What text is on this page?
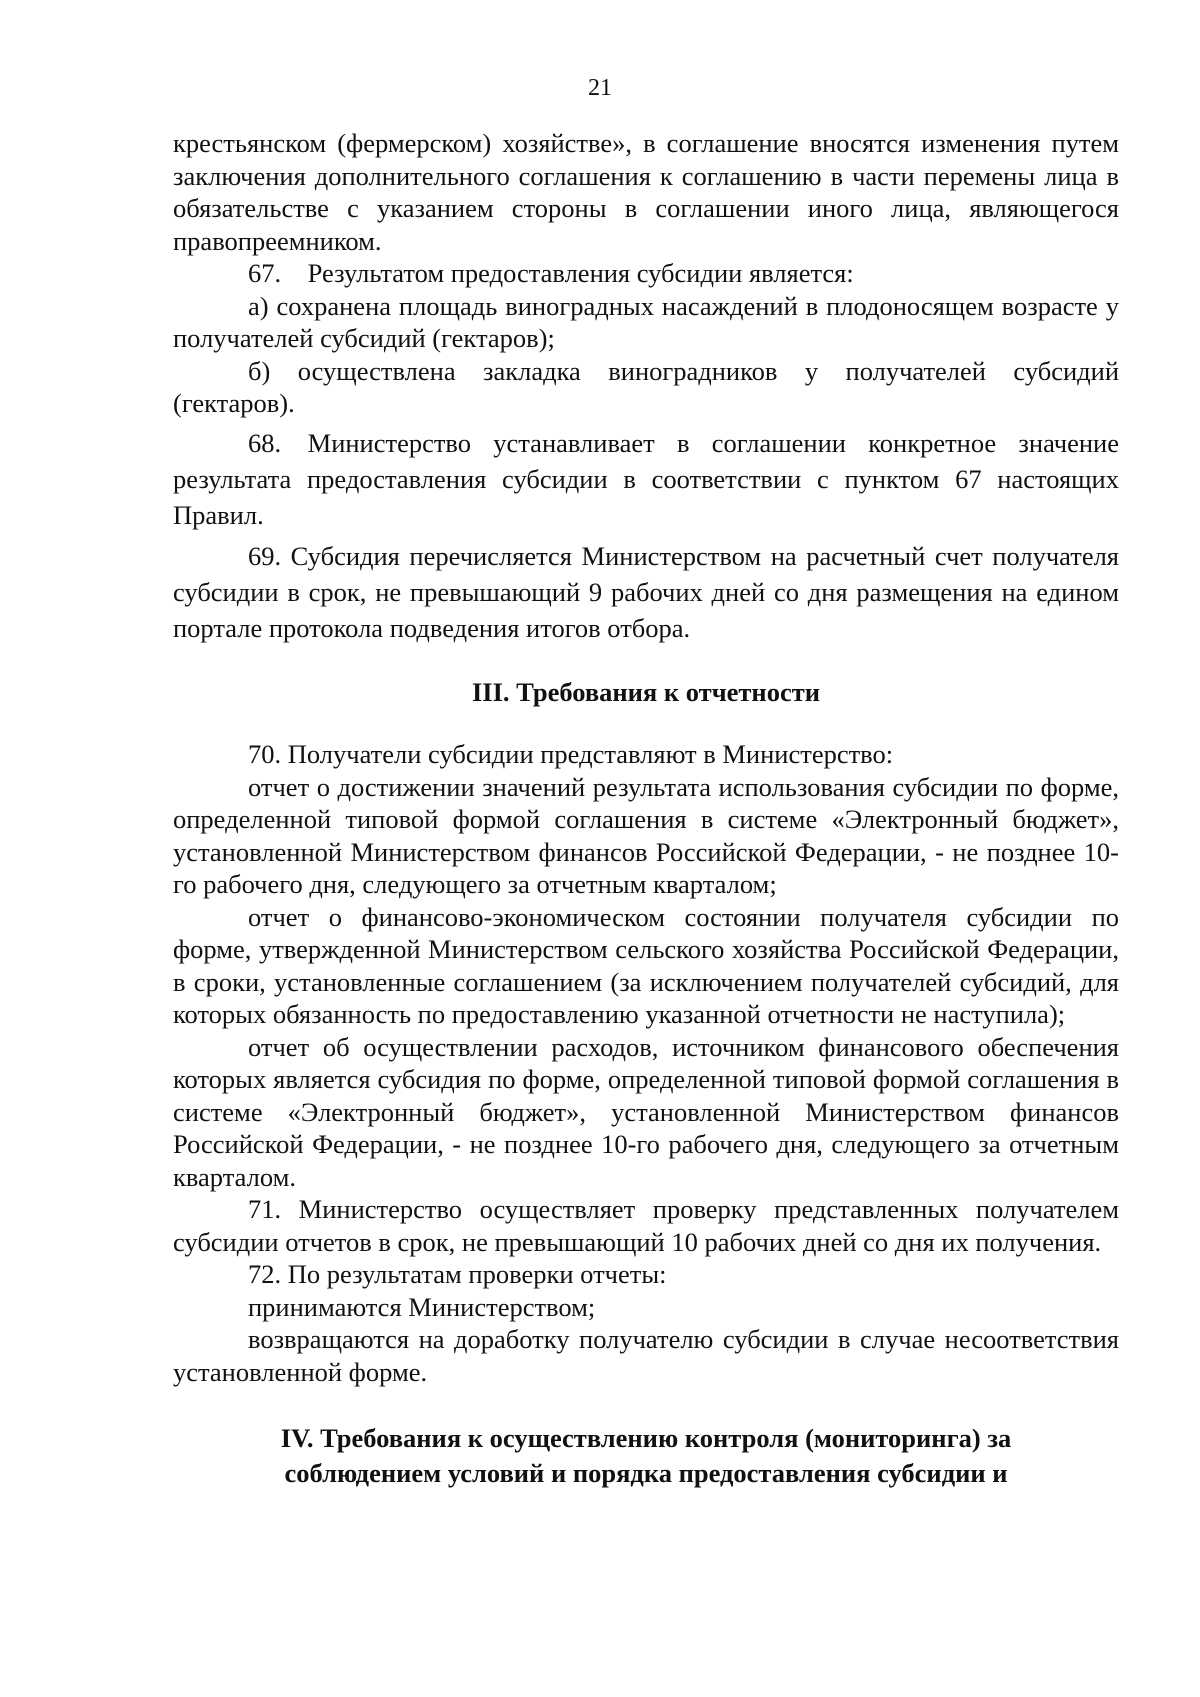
21

крестьянском (фермерском) хозяйстве», в соглашение вносятся изменения путем заключения дополнительного соглашения к соглашению в части перемены лица в обязательстве с указанием стороны в соглашении иного лица, являющегося правопреемником.

67. Результатом предоставления субсидии является:

а) сохранена площадь виноградных насаждений в плодоносящем возрасте у получателей субсидий (гектаров);

б) осуществлена закладка виноградников у получателей субсидий (гектаров).

68. Министерство устанавливает в соглашении конкретное значение результата предоставления субсидии в соответствии с пунктом 67 настоящих Правил.

69. Субсидия перечисляется Министерством на расчетный счет получателя субсидии в срок, не превышающий 9 рабочих дней со дня размещения на едином портале протокола подведения итогов отбора.

III. Требования к отчетности

70. Получатели субсидии представляют в Министерство:

отчет о достижении значений результата использования субсидии по форме, определенной типовой формой соглашения в системе «Электронный бюджет», установленной Министерством финансов Российской Федерации, - не позднее 10-го рабочего дня, следующего за отчетным кварталом;

отчет о финансово-экономическом состоянии получателя субсидии по форме, утвержденной Министерством сельского хозяйства Российской Федерации, в сроки, установленные соглашением (за исключением получателей субсидий, для которых обязанность по предоставлению указанной отчетности не наступила);

отчет об осуществлении расходов, источником финансового обеспечения которых является субсидия по форме, определенной типовой формой соглашения в системе «Электронный бюджет», установленной Министерством финансов Российской Федерации, - не позднее 10-го рабочего дня, следующего за отчетным кварталом.

71. Министерство осуществляет проверку представленных получателем субсидии отчетов в срок, не превышающий 10 рабочих дней со дня их получения.

72. По результатам проверки отчеты:

принимаются Министерством;

возвращаются на доработку получателю субсидии в случае несоответствия установленной форме.

IV. Требования к осуществлению контроля (мониторинга) за
соблюдением условий и порядка предоставления субсидии и
